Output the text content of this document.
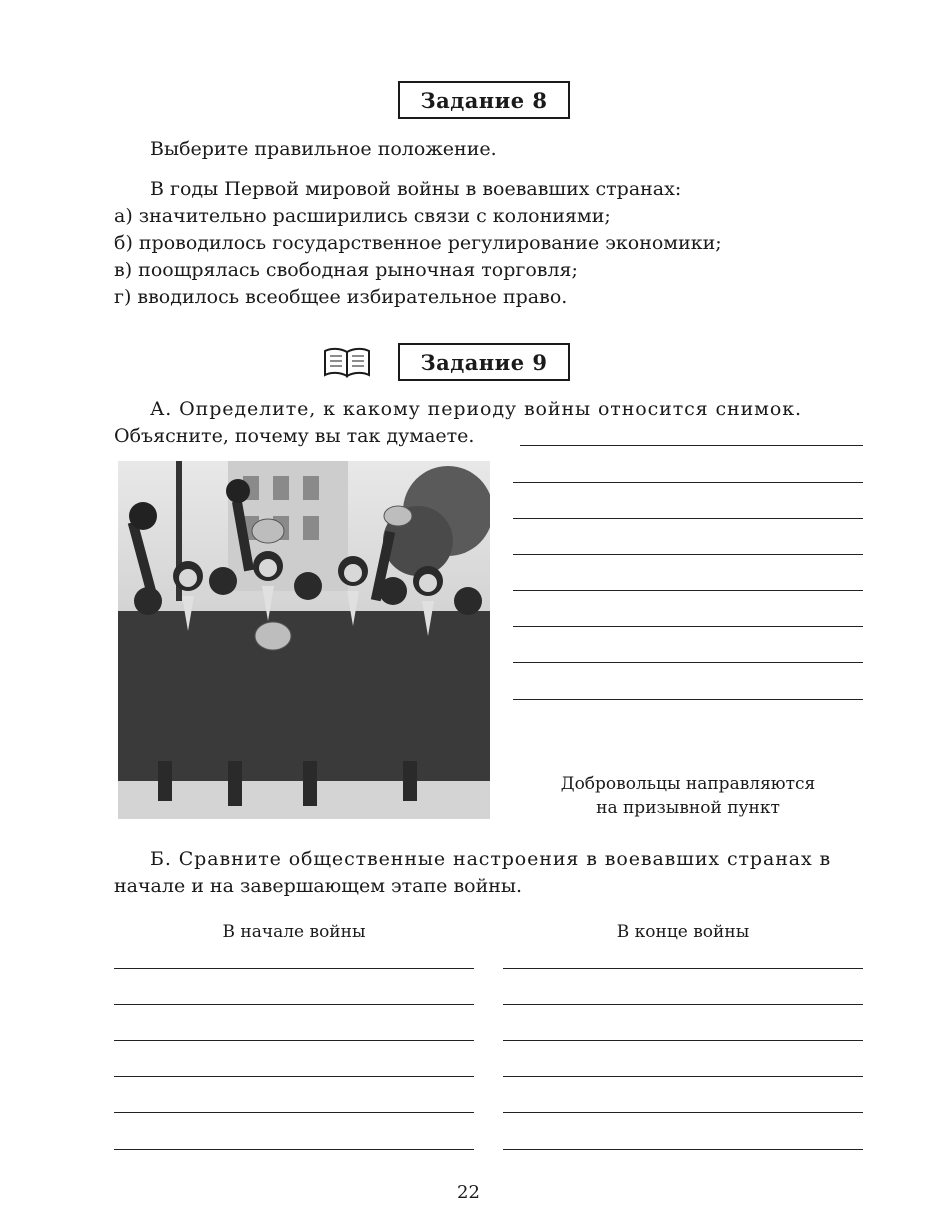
Задание 8
Выберите правильное положение.
В годы Первой мировой войны в воевавших странах:
а) значительно расширились связи с колониями;
б) проводилось государственное регулирование экономики;
в) поощрялась свободная рыночная торговля;
г) вводилось всеобщее избирательное право.
Задание 9
А. Определите, к какому периоду войны относится снимок.
Объясните, почему вы так думаете.
Добровольцы направляются
на призывной пункт
Б. Сравните общественные настроения в воевавших странах в
начале и на завершающем этапе войны.
В начале войны	В конце войны
22
